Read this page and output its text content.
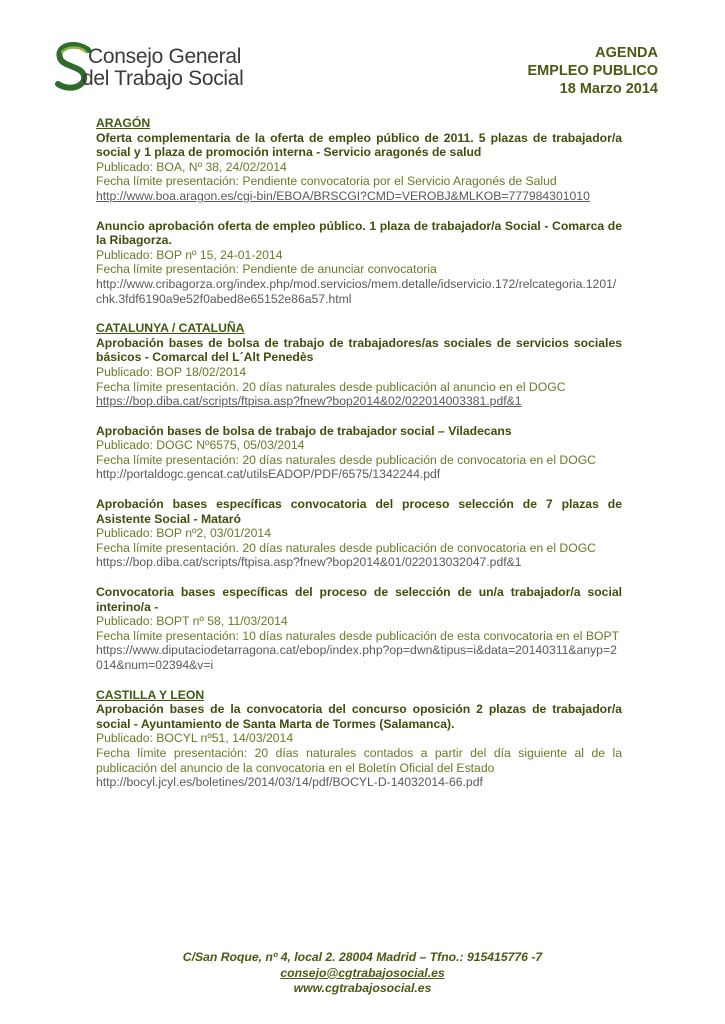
Consejo General
del Trabajo Social
AGENDA
EMPLEO PUBLICO
18 Marzo 2014
ARAGÓN
Oferta complementaria de la oferta de empleo público de 2011. 5 plazas de trabajador/a social y 1 plaza de promoción interna - Servicio aragonés de salud
Publicado: BOA, Nº 38, 24/02/2014
Fecha límite presentación: Pendiente convocatoria por el Servicio Aragonés de Salud
http://www.boa.aragon.es/cgi-bin/EBOA/BRSCGI?CMD=VEROBJ&MLKOB=777984301010
Anuncio aprobación oferta de empleo público. 1 plaza de trabajador/a Social - Comarca de la Ribagorza.
Publicado: BOP nº 15, 24-01-2014
Fecha límite presentación: Pendiente de anunciar convocatoria
http://www.cribagorza.org/index.php/mod.servicios/mem.detalle/idservicio.172/relcategoria.1201/chk.3fdf6190a9e52f0abed8e65152e86a57.html
CATALUNYA / CATALUÑA
Aprobación bases de bolsa de trabajo de trabajadores/as sociales de servicios sociales básicos - Comarcal del L´Alt Penedès
Publicado: BOP 18/02/2014
Fecha límite presentación. 20 días naturales desde publicación al anuncio en el DOGC
https://bop.diba.cat/scripts/ftpisa.asp?fnew?bop2014&02/022014003381.pdf&1
Aprobación bases de bolsa de trabajo de trabajador social – Viladecans
Publicado: DOGC Nº6575, 05/03/2014
Fecha límite presentación: 20 días naturales desde publicación de convocatoria en el DOGC
http://portaldogc.gencat.cat/utilsEADOP/PDF/6575/1342244.pdf
Aprobación bases específicas convocatoria del proceso selección de 7 plazas de Asistente Social - Mataró
Publicado: BOP nº2, 03/01/2014
Fecha límite presentación. 20 días naturales desde publicación de convocatoria en el DOGC
https://bop.diba.cat/scripts/ftpisa.asp?fnew?bop2014&01/022013032047.pdf&1
Convocatoria bases específicas del proceso de selección de un/a trabajador/a social interino/a -
Publicado: BOPT nº 58, 11/03/2014
Fecha límite presentación: 10 días naturales desde publicación de esta convocatoria en el BOPT
https://www.diputaciodetarragona.cat/ebop/index.php?op=dwn&tipus=i&data=20140311&anyp=2014&num=02394&v=i
CASTILLA Y LEON
Aprobación bases de la convocatoria del concurso oposición 2 plazas de trabajador/a social - Ayuntamiento de Santa Marta de Tormes (Salamanca).
Publicado: BOCYL nº51, 14/03/2014
Fecha límite presentación: 20 días naturales contados a partir del día siguiente al de la publicación del anuncio de la convocatoria en el Boletín Oficial del Estado
http://bocyl.jcyl.es/boletines/2014/03/14/pdf/BOCYL-D-14032014-66.pdf
C/San Roque, nº 4, local 2. 28004 Madrid – Tfno.: 915415776 -7
consejo@cgtrabajosocial.es
www.cgtrabajosocial.es
